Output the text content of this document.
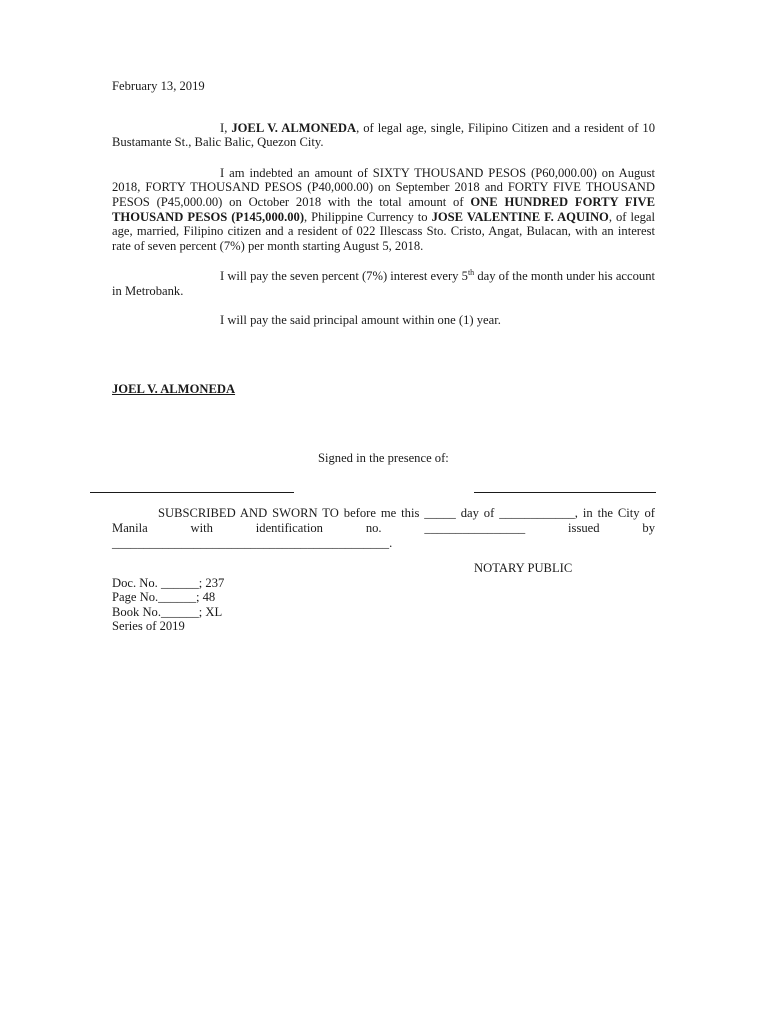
February 13, 2019

I, JOEL V. ALMONEDA, of legal age, single, Filipino Citizen and a resident of 10 Bustamante St., Balic Balic, Quezon City.

I am indebted an amount of SIXTY THOUSAND PESOS (P60,000.00) on August 2018, FORTY THOUSAND PESOS (P40,000.00) on September 2018 and FORTY FIVE THOUSAND PESOS (P45,000.00) on October 2018 with the total amount of ONE HUNDRED FORTY FIVE THOUSAND PESOS (P145,000.00), Philippine Currency to JOSE VALENTINE F. AQUINO, of legal age, married, Filipino citizen and a resident of 022 Illescass Sto. Cristo, Angat, Bulacan, with an interest rate of seven percent (7%) per month starting August 5, 2018.

I will pay the seven percent (7%) interest every 5th day of the month under his account in Metrobank.

I will pay the said principal amount within one (1) year.

JOEL V. ALMONEDA
Signed in the presence of:

SUBSCRIBED AND SWORN TO before me this _____ day of ____________, in the City of Manila with identification no. ________________ issued by ____________________________________________.

NOTARY PUBLIC
Doc. No. ______; 237
Page No.______; 48
Book No.______; XL
Series of 2019
